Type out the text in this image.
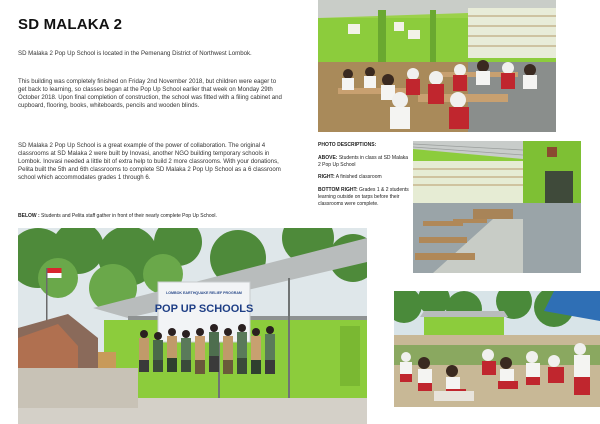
SD MALAKA 2

SD Malaka 2 Pop Up School is located in the Pemenang District of Northwest Lombok.

This building was completely finished on Friday 2nd November 2018, but children were eager to get back to learning, so classes began at the Pop Up School earlier that week on Monday 29th October 2018. Upon final completion of construction, the school was fitted with a filing cabinet and cupboard, flooring, books, whiteboards, pencils and wooden blinds.

SD Malaka 2 Pop Up School is a great example of the power of collaboration. The original 4 classrooms at SD Malaka 2 were built by Inovasi, another NGO building temporary schools in Lombok. Inovasi needed a little bit of extra help to build 2 more classrooms. With your donations, Pelita built the 5th and 6th classrooms to complete SD Malaka 2 Pop Up School as a 6 classroom school which accommodates grades 1 through 6.

BELOW : Students and Pelita staff gather in front of their nearly complete Pop Up School.

PHOTO DESCRIPTIONS:
ABOVE: Students in class at SD Malaka 2 Pop Up School
RIGHT: A finished classroom
BOTTOM RIGHT: Grades 1 & 2 students learning outside on tarps before their classrooms were complete.
LOMBOK EARTHQUAKE RELIEF PROGRAM
POP UP SCHOOLS
